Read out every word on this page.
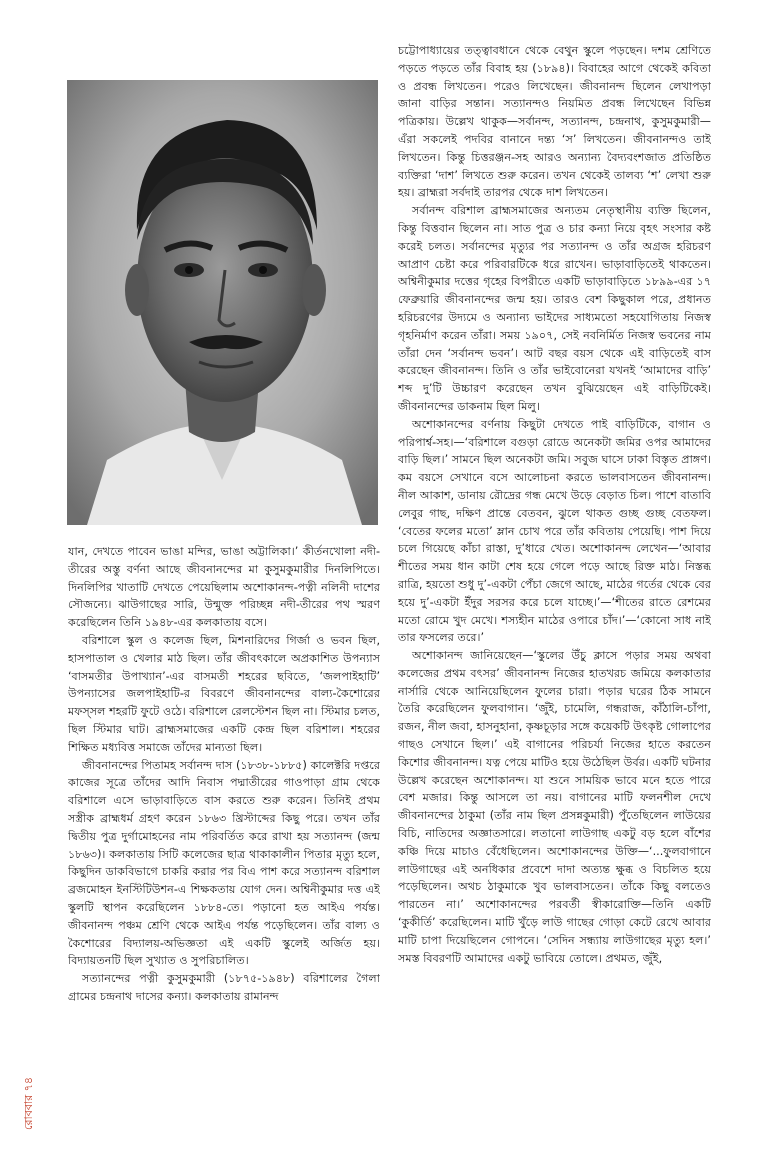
যান, দেখতে পাবেন ভাঙা মন্দির, ভাঙা অট্টালিকা।’ কীর্তনখোলা নদী-তীরের অস্তু বর্ণনা আছে জীবনানন্দের মা কুসুমকুমারীর দিনলিপিতে। দিনলিপির খাতাটি দেখতে পেয়েছিলাম অশোকানন্দ-পত্নী নলিনী দাশের সৌজন্যে। ঝাউগাছের সারি, উন্মুক্ত পরিচ্ছন্ন নদী-তীরের পথ স্মরণ করেছিলেন তিনি ১৯৪৮-এর কলকাতায় বসে।

বরিশালে স্কুল ও কলেজ ছিল, মিশনারিদের গির্জা ও ভবন ছিল, হাসপাতাল ও খেলার মাঠ ছিল। তাঁর জীবৎকালে অপ্রকাশিত উপন্যাস ‘বাসমতীর উপাখ্যান’-এর বাসমতী শহরের ছবিতে, ‘জলপাইহাটি’ উপন্যাসের জলপাইহাটি-র বিবরণে জীবনানন্দের বাল্য-কৈশোরের মফস্সল শহরটি ফুটে ওঠে। বরিশালে রেলস্টেশন ছিল না। স্টিমার চলত, ছিল স্টিমার ঘাট। ব্রাহ্মসমাজের একটি কেন্দ্র ছিল বরিশাল। শহরের শিক্ষিত মধ্যবিত্ত সমাজে তাঁদের মান্যতা ছিল।

জীবনানন্দের পিতামহ সর্বানন্দ দাস (১৮৩৮-১৮৮৫) কালেক্টরি দপ্তরে কাজের সূত্রে তাঁদের আদি নিবাস পদ্মাতীরের গাওপাড়া গ্রাম থেকে বরিশালে এসে ভাড়াবাড়িতে বাস করতে শুরু করেন। তিনিই প্রথম সস্ত্রীক ব্রাহ্মধর্ম গ্রহণ করেন ১৮৬৩ খ্রিস্টাব্দের কিছু পরে। তখন তাঁর দ্বিতীয় পুত্র দুর্গামোহনের নাম পরিবর্তিত করে রাখা হয় সত্যানন্দ (জন্ম ১৮৬৩)। কলকাতায় সিটি কলেজের ছাত্র থাকাকালীন পিতার মৃত্যু হলে, কিছুদিন ডাকবিভাগে চাকরি করার পর বিএ পাশ করে সত্যানন্দ বরিশাল ব্রজমোহন ইনস্টিটিউশন-এ শিক্ষকতায় যোগ দেন। অশ্বিনীকুমার দত্ত এই স্কুলটি স্থাপন করেছিলেন ১৮৮৪-তে। পড়ানো হত আইএ পর্যন্ত। জীবনানন্দ পঞ্চম শ্রেণি থেকে আইএ পর্যন্ত পড়েছিলেন। তাঁর বাল্য ও কৈশোরের বিদ্যালয়-অভিজ্ঞতা এই একটি স্কুলেই অর্জিত হয়। বিদ্যায়তনটি ছিল সুখ্যাত ও সুপরিচালিত।

সত্যানন্দের পত্নী কুসুমকুমারী (১৮৭৫-১৯৪৮) বরিশালের গৈলা গ্রামের চন্দ্রনাথ দাসের কন্যা। কলকাতায় রামানন্দ

চট্টোপাধ্যায়ের তত্ত্বাবধানে থেকে বেথুন স্কুলে পড়ছেন। দশম শ্রেণিতে পড়তে পড়তে তাঁর বিবাহ হয় (১৮৯৪)। বিবাহের আগে থেকেই কবিতা ও প্রবন্ধ লিখতেন। পরেও লিখেছেন। জীবনানন্দ ছিলেন লেখাপড়া জানা বাড়ির সন্তান। সত্যানন্দও নিয়মিত প্রবন্ধ লিখেছেন বিভিন্ন পত্রিকায়। উল্লেখ থাকুক—সর্বানন্দ, সত্যানন্দ, চন্দ্রনাথ, কুসুমকুমারী—এঁরা সকলেই পদবির বানানে দন্ত্য ‘স’ লিখতেন। জীবনানন্দও তাই লিখতেন। কিন্তু চিত্তরঞ্জন-সহ আরও অন্যান্য বৈদ্যবংশজাত প্রতিষ্ঠিত ব্যক্তিরা ‘দাশ’ লিখতে শুরু করেন। তখন থেকেই তালব্য ‘শ’ লেখা শুরু হয়। ব্রাহ্মরা সর্বদাই তারপর থেকে দাশ লিখতেন।

সর্বানন্দ বরিশাল ব্রাহ্মসমাজের অন্যতম নেতৃস্থানীয় ব্যক্তি ছিলেন, কিন্তু বিত্তবান ছিলেন না। সাত পুত্র ও চার কন্যা নিয়ে বৃহৎ সংসার কষ্ট করেই চলত। সর্বানন্দের মৃত্যুর পর সত্যানন্দ ও তাঁর অগ্রজ হরিচরণ আপ্রাণ চেষ্টা করে পরিবারটিকে ধরে রাখেন। ভাড়াবাড়িতেই থাকতেন। অশ্বিনীকুমার দত্তের গৃহের বিপরীতে একটি ভাড়াবাড়িতে ১৮৯৯-এর ১৭ ফেব্রুয়ারি জীবনানন্দের জন্ম হয়। তারও বেশ কিছুকাল পরে, প্রধানত হরিচরণের উদ্যমে ও অন্যান্য ভাইদের সাধ্যমতো সহযোগিতায় নিজস্ব গৃহনির্মাণ করেন তাঁরা। সময় ১৯০৭, সেই নবনির্মিত নিজস্ব ভবনের নাম তাঁরা দেন ‘সর্বানন্দ ভবন’। আট বছর বয়স থেকে এই বাড়িতেই বাস করেছেন জীবনানন্দ। তিনি ও তাঁর ভাইবোনেরা যখনই ‘আমাদের বাড়ি’ শব্দ দু’টি উচ্চারণ করেছেন তখন বুঝিয়েছেন এই বাড়িটিকেই। জীবনানন্দের ডাকনাম ছিল মিলু।

অশোকানন্দের বর্ণনায় কিছুটা দেখতে পাই বাড়িটিকে, বাগান ও পরিপার্শ্ব-সহ।—‘বরিশালে বগুড়া রোডে অনেকটা জমির ওপর আমাদের বাড়ি ছিল।’ সামনে ছিল অনেকটা জমি। সবুজ ঘাসে ঢাকা বিস্তৃত প্রাঙ্গণ। কম বয়সে সেখানে বসে আলোচনা করতে ভালবাসতেন জীবনানন্দ। নীল আকাশ, ডানায় রৌদ্রের গন্ধ মেখে উড়ে বেড়াত চিল। পাশে বাতাবি লেবুর গাছ, দক্ষিণ প্রান্তে বেতবন, ঝুলে থাকত গুচ্ছ গুচ্ছ বেতফল। ‘বেতের ফলের মতো’ ম্লান চোখ পরে তাঁর কবিতায় পেয়েছি। পাশ দিয়ে চলে গিয়েছে কাঁচা রাস্তা, দু’ধারে খেত। অশোকানন্দ লেখেন—‘আবার শীতের সময় ধান কাটা শেষ হয়ে গেলে পড়ে আছে রিক্ত মাঠ। নিস্তব্ধ রাত্রি, হয়তো শুধু দু’-একটা পেঁচা জেগে আছে, মাঠের গর্তের থেকে বের হয়ে দু’-একটা ইঁদুর সরসর করে চলে যাচ্ছে।’—‘শীতের রাতে রেশমের মতো রোমে খুদ মেখে। শস্যহীন মাঠের ওপারে চাঁদ।’—‘কোনো সাধ নাই তার ফসলের তরে।’

অশোকানন্দ জানিয়েছেন—‘স্কুলের উঁচু ক্লাসে পড়ার সময় অথবা কলেজের প্রথম বৎসর’ জীবনানন্দ নিজের হাতখরচ জমিয়ে কলকাতার নার্সারি থেকে আনিয়েছিলেন ফুলের চারা। পড়ার ঘরের ঠিক সামনে তৈরি করেছিলেন ফুলবাগান। ‘জুঁই, চামেলি, গন্ধরাজ, কাঁঠালি-চাঁপা, রজন, নীল জবা, হাসনুহানা, কৃষ্ণচূড়ার সঙ্গে কয়েকটি উৎকৃষ্ট গোলাপের গাছও সেখানে ছিল।’ এই বাগানের পরিচর্যা নিজের হাতে করতেন কিশোর জীবনানন্দ। যত্ন পেয়ে মাটিও হয়ে উঠেছিল উর্বর। একটি ঘটনার উল্লেখ করেছেন অশোকানন্দ। যা শুনে সাময়িক ভাবে মনে হতে পারে বেশ মজার। কিন্তু আসলে তা নয়। বাগানের মাটি ফলনশীল দেখে জীবনানন্দের ঠাকুমা (তাঁর নাম ছিল প্রসন্নকুমারী) পুঁতেছিলেন লাউয়ের বিচি, নাতিদের অজ্ঞাতসারে। লতানো লাউগাছ একটু বড় হলে বাঁশের কঞ্চি দিয়ে মাচাও বেঁধেছিলেন। অশোকানন্দের উক্তি—‘...ফুলবাগানে লাউগাছের এই অনধিকার প্রবেশে দাদা অত্যন্ত ক্ষুব্ধ ও বিচলিত হয়ে পড়েছিলেন। অথচ ঠাকুমাকে খুব ভালবাসতেন। তাঁকে কিছু বলতেও পারতেন না।’ অশোকানন্দের পরবর্তী স্বীকারোক্তি—তিনি একটি ‘কুকীর্তি’ করেছিলেন। মাটি খুঁড়ে লাউ গাছের গোড়া কেটে রেখে আবার মাটি চাপা দিয়েছিলেন গোপনে। ‘সেদিন সন্ধ্যায় লাউগাছের মৃত্যু হল।’ সমস্ত বিবরণটি আমাদের একটু ভাবিয়ে তোলে। প্রথমত, জুঁই,

রোববার ৭৪
